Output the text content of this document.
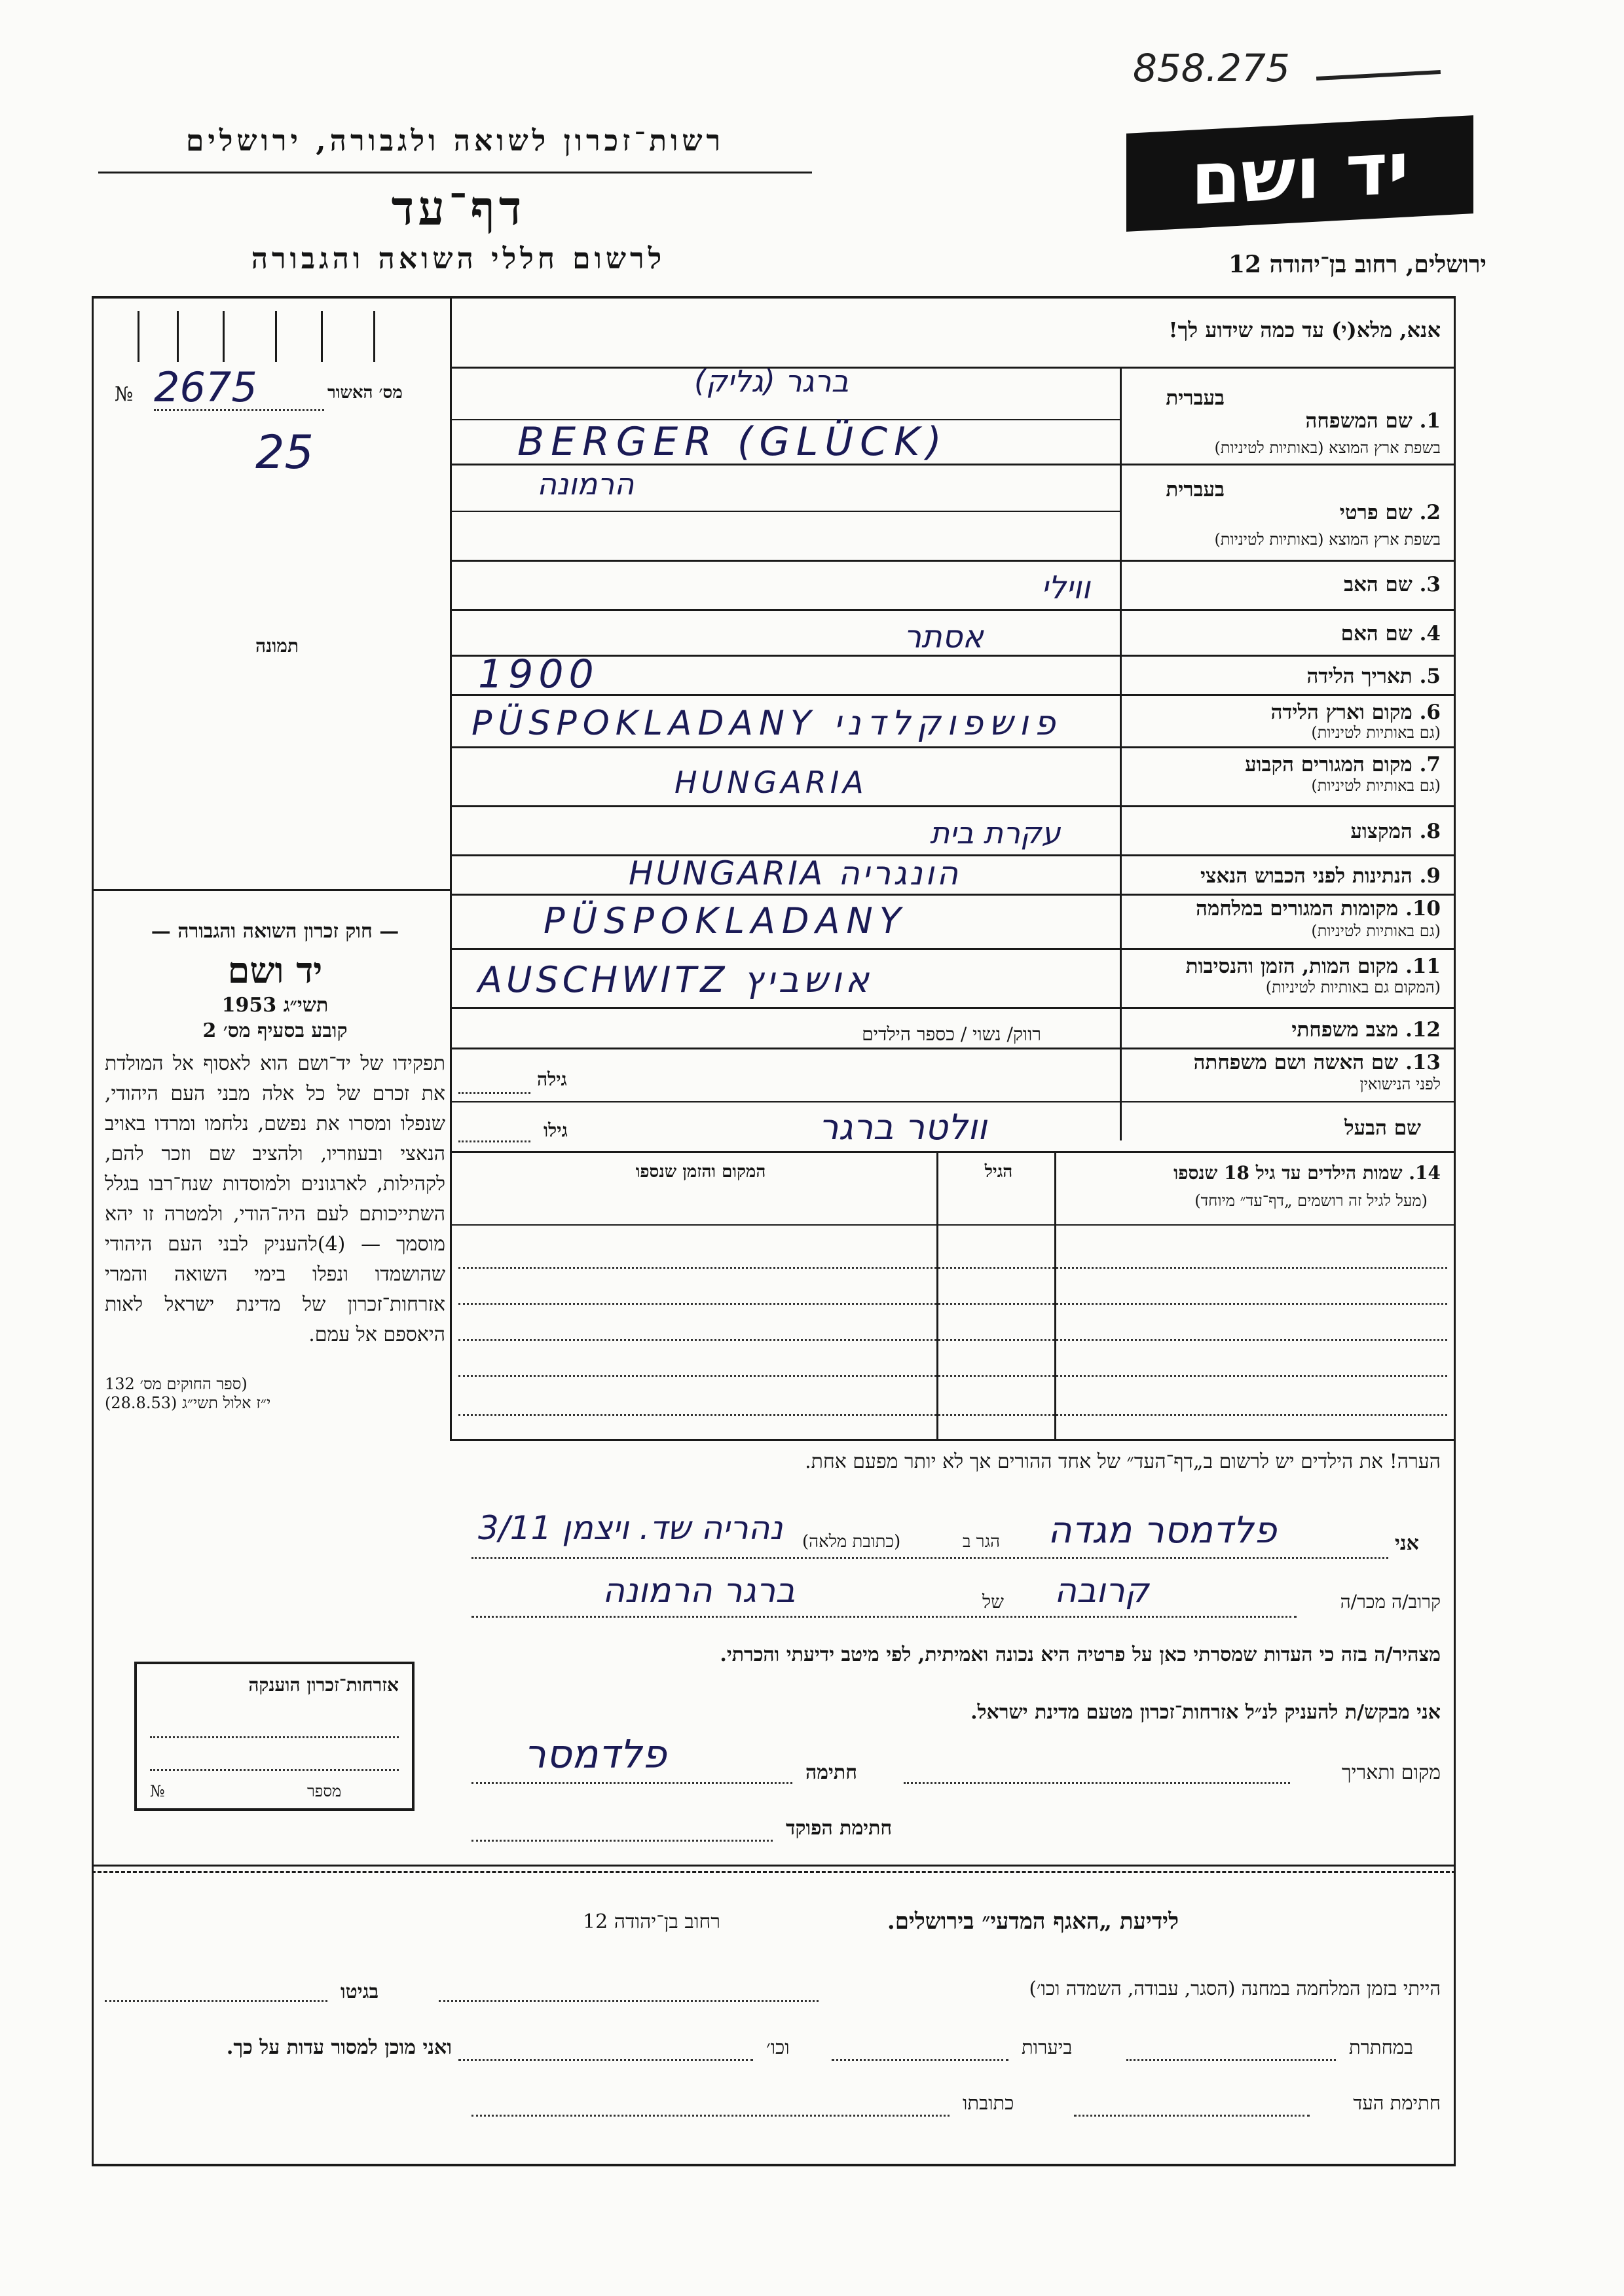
858.275
רשות־זכרון לשואה ולגבורה, ירושלים
דף־עד
לרשום חללי השואה והגבורה
יד ושם
ירושלים, רחוב בן־יהודה 12
№ 2675
25
מס׳ האשור
תמונה

— חוק זכרון השואה והגבורה —

יד ושם

תשי״ג 1953

קובע בסעיף מס׳ 2

תפקידו של יד־ושם הוא לאסוף אל המולדת את זכרם של כל אלה מבני העם היהודי, שנפלו ומסרו את נפשם, נלחמו ומרדו באויב הנאצי ובעוזריו, ולהציב שם וזכר להם, לקהילות, לארגונים ולמוסדות שנח־רבו בגלל השתייכותם לעם היה־הודי, ולמטרה זו יהא מוסמך — (4)להעניק לבני העם היהודי שהושמדו ונפלו בימי השואה והמרי אזרחות־זכרון של מדינת ישראל לאות היאספם אל עמם.

(ספר החוקים מס׳ 132

י״ז אלול תשי״ג (28.8.53)

אנא, מלא(י) עד כמה שידוע לך!
בעברית
1. שם המשפחה
בשפת ארץ המוצא (באותיות לטיניות)
בעברית
2. שם פרטי
בשפת ארץ המוצא (באותיות לטיניות)
3. שם האב
4. שם האם
5. תאריך הלידה
6. מקום וארץ הלידה
(גם באותיות לטיניות)
7. מקום המגורים הקבוע
(גם באותיות לטיניות)
8. המקצוע
9. הנתינות לפני הכבוש הנאצי
10. מקומות המגורים במלחמה
(גם באותיות לטיניות)
11. מקום המות, הזמן והנסיבות
(המקום גם באותיות לטיניות)
12. מצב משפחתי
13. שם האשה ושם משפחתה
לפני הנישואין
שם הבעל
(גליק) ברגר
BERGER (GLÜCK)
הרמונה
ווילי
אסתר
1900
PÜSPOKLADANY פושפוקלדני
HUNGARIA
עקרת בית
HUNGARIA הונגריה
PÜSPOKLADANY
AUSCHWITZ אושביץ
רווק/ נשוי / כספר הילדים
גילה
גילו	וולטר ברגר
14. שמות הילדים עד גיל 18 שנספו
(מעל לגיל זה רושמים „דף־עד״ מיוחד)
הגיל
המקום והזמן שנספו
הערה! את הילדים יש לרשום ב„דף־העד״ של אחד ההורים אך לא יותר מפעם אחת.
אני
פלדמסר מגדה
הגר ב
(כתובת מלאה)
נהריה שד. ויצמן 3/11
קרוב/ה מכר/ה
קרובה
של
ברגר הרמונה
מצהיר/ה בזה כי העדות שמסרתי כאן על פרטיה היא נכונה ואמיתית, לפי מיטב ידיעתי והכרתי.
אני מבקש/ת להעניק לנ״ל אזרחות־זכרון מטעם מדינת ישראל.
מקום ותאריך
חתימה
פלדמסר
חתימת הפוקד
אזרחות־זכרון הוענקה
מספר
№
לידיעת „האגף המדעי״ בירושלים.
רחוב בן־יהודה 12
הייתי בזמן המלחמה במחנה (הסגר, עבודה, השמדה וכו׳)
בגיטו
במחתרת
ביערות
וכו׳
ואני מוכן למסור עדות על כך.
חתימת העד
כתובתו
